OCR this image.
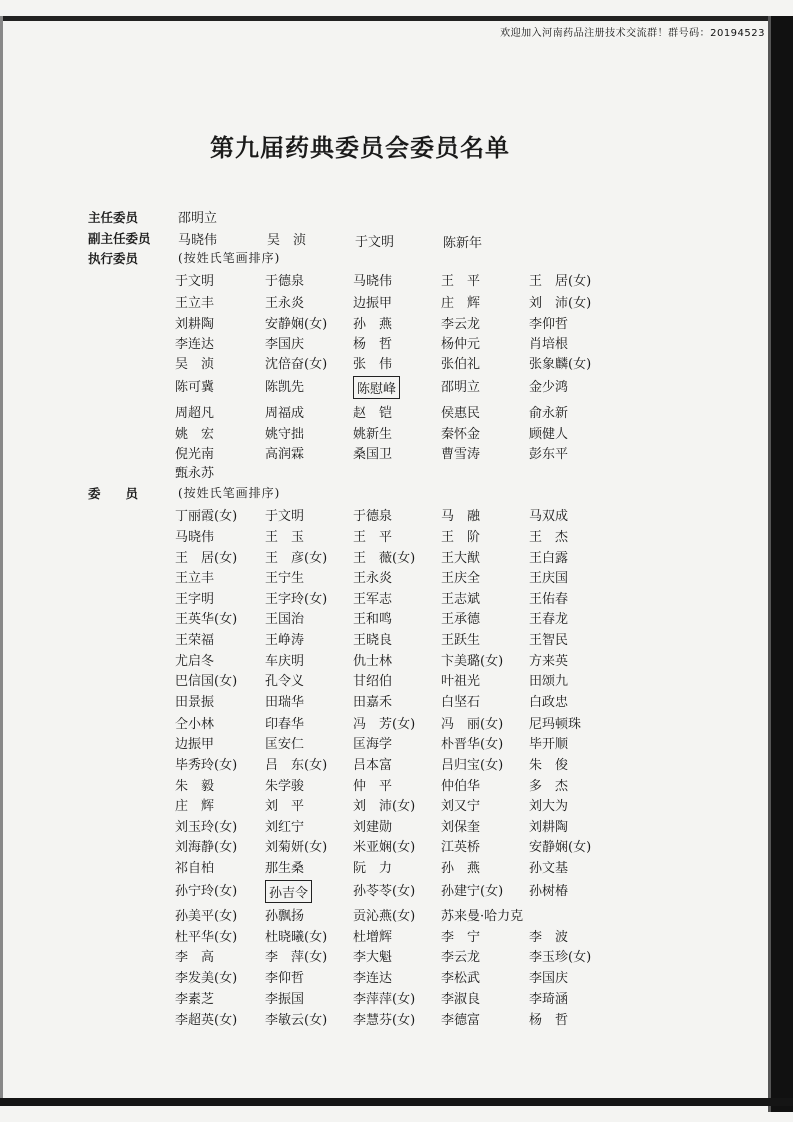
欢迎加入河南药品注册技术交流群！群号码：20194523
第九届药典委员会委员名单
主任委员	邵明立
副主任委员 马晓伟	吴　浈	于文明	陈新年
执行委员	(按姓氏笔画排序)
于文明	于德泉	马晓伟	王　平	王　居(女)
王立丰	王永炎	边振甲	庄　辉	刘　沛(女)
刘耕陶	安静娴(女) 孙　燕	李云龙	李仰哲
李连达	李国庆	杨　哲	杨仲元	肖培根
吴　浈	沈倍奋(女) 张　伟	张伯礼	张象麟(女)
陈可冀	陈凯先	陈慰峰	邵明立	金少鸿
周超凡	周福成	赵　铠	侯惠民	俞永新
姚　宏	姚守拙	姚新生	秦怀金	顾健人
倪光南	高润霖	桑国卫	曹雪涛	彭东平
甄永苏
委　　员	(按姓氏笔画排序)
丁丽霞(女) 于文明	于德泉	马　融	马双成
马晓伟	王　玉	王　平	王　阶	王　杰
王　居(女) 王　彦(女) 王　薇(女) 王大猷	王白露
王立丰	王宁生	王永炎	王庆全	王庆国
王字明	王字玲(女) 王军志	王志斌	王佑春
王英华(女) 王国治	王和鸣	王承德	王春龙
王荣福	王峥涛	王晓良	王跃生	王智民
尤启冬	车庆明	仇士林	卞美璐(女) 方来英
巴信国(女) 孔令义	甘绍伯	叶祖光	田颂九
田景振	田瑞华	田嘉禾	白坚石	白政忠
仝小林	印春华	冯　芳(女) 冯　丽(女) 尼玛顿珠
边振甲	匡安仁	匡海学	朴晋华(女) 毕开顺
毕秀玲(女) 吕　东(女) 吕本富	吕归宝(女) 朱　俊
朱　毅	朱学骏	仲　平	仲伯华	多　杰
庄　辉	刘　平	刘　沛(女) 刘又宁	刘大为
刘玉玲(女) 刘红宁	刘建勋	刘保奎	刘耕陶
刘海静(女) 刘菊妍(女) 米亚娴(女) 江英桥	安静娴(女)
祁自柏	那生桑	阮　力	孙　燕	孙文基
孙宁玲(女)	孙吉令	孙苓苓(女) 孙建宁(女) 孙树椿
孙美平(女) 孙飘扬	贡沁燕(女) 苏来曼·哈力克
杜平华(女) 杜晓曦(女) 杜增辉	李　宁	李　波
李　高	李　萍(女) 李大魁	李云龙	李玉珍(女)
李发美(女) 李仰哲	李连达	李松武	李国庆
李素芝	李振国	李萍萍(女) 李淑良	李琦涵
李超英(女) 李敏云(女) 李慧芬(女) 李德富	杨　哲
